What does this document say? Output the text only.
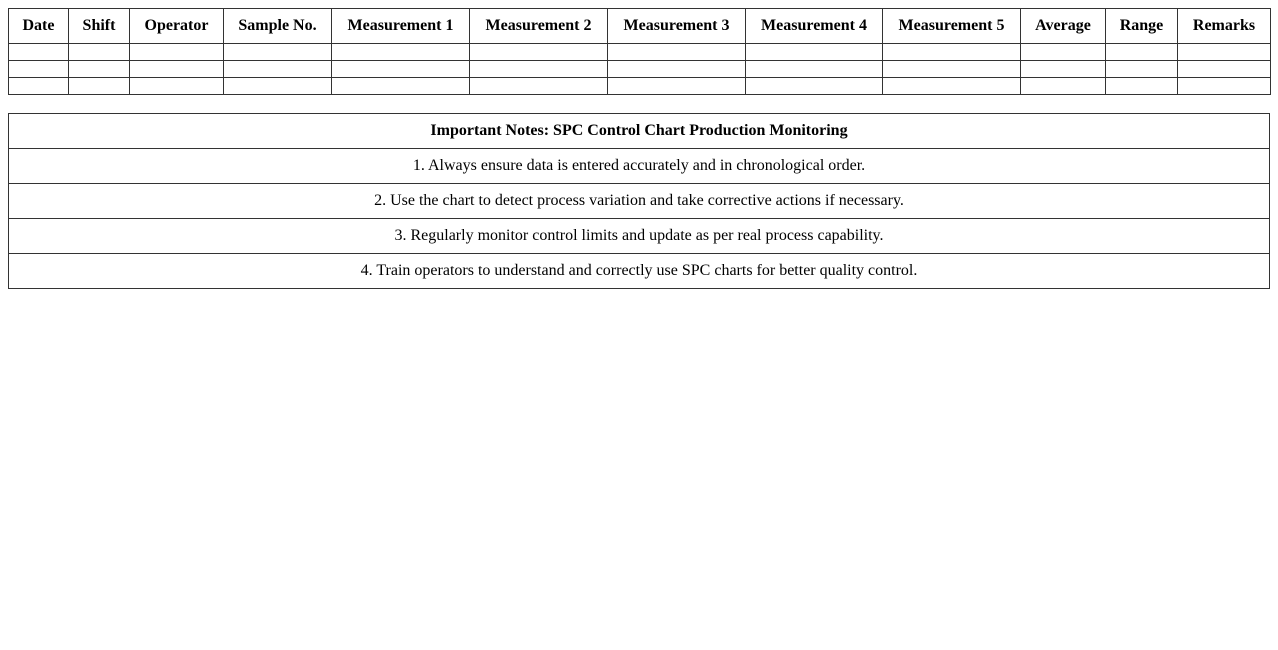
Date	Shift	Operator	Sample No.	Measurement 1	Measurement 2	Measurement 3	Measurement 4	Measurement 5	Average	Range	Remarks

Important Notes: SPC Control Chart Production Monitoring
1. Always ensure data is entered accurately and in chronological order.
2. Use the chart to detect process variation and take corrective actions if necessary.
3. Regularly monitor control limits and update as per real process capability.
4. Train operators to understand and correctly use SPC charts for better quality control.
